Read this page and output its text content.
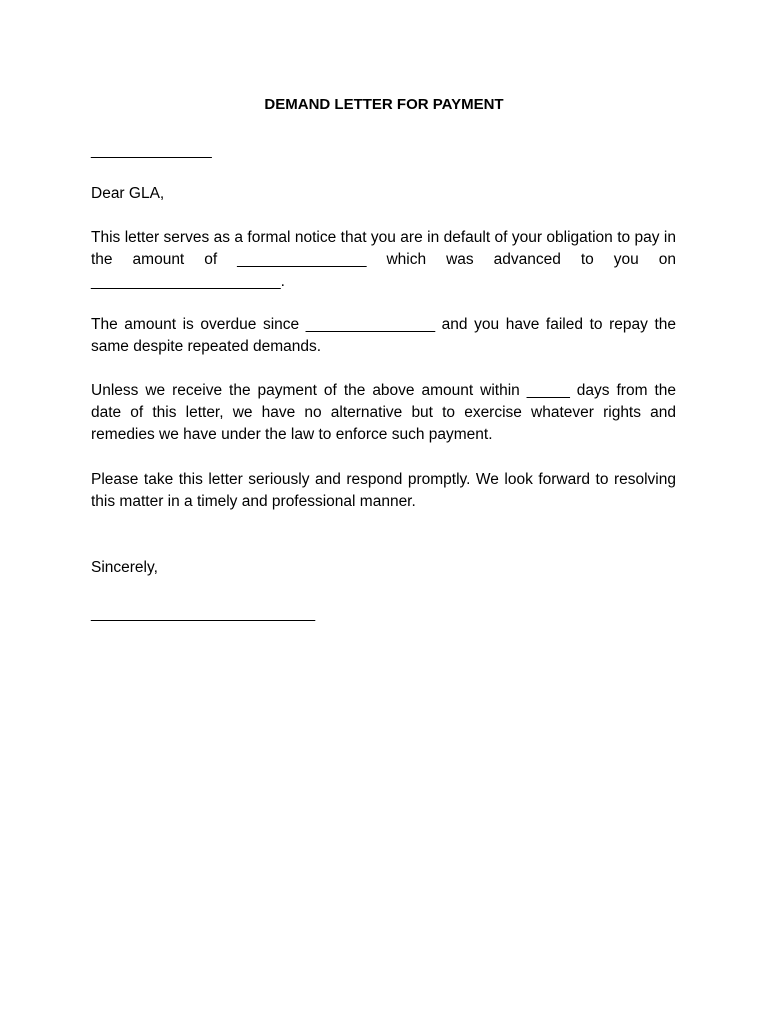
DEMAND LETTER FOR PAYMENT

______________

Dear GLA,

This letter serves as a formal notice that you are in default of your obligation to pay in the amount of _______________ which was advanced to you on ______________________.

The amount is overdue since _______________ and you have failed to repay the same despite repeated demands.

Unless we receive the payment of the above amount within _____ days from the date of this letter, we have no alternative but to exercise whatever rights and remedies we have under the law to enforce such payment.

Please take this letter seriously and respond promptly. We look forward to resolving this matter in a timely and professional manner.

Sincerely,

__________________________
